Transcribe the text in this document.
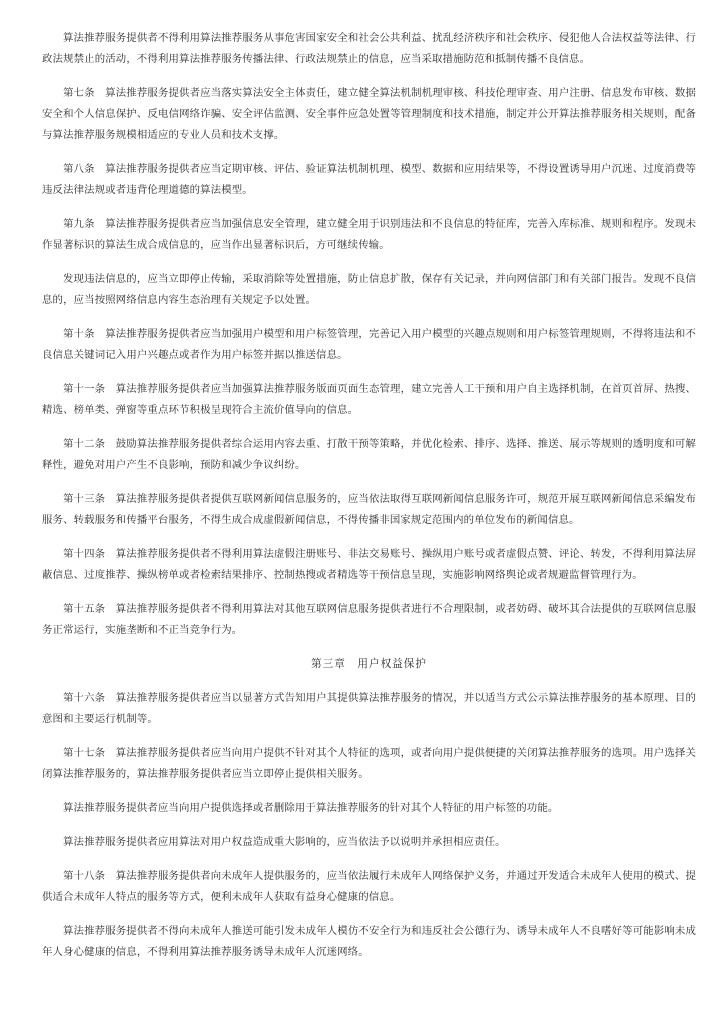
算法推荐服务提供者不得利用算法推荐服务从事危害国家安全和社会公共利益、扰乱经济秩序和社会秩序、侵犯他人合法权益等法律、行政法规禁止的活动，不得利用算法推荐服务传播法律、行政法规禁止的信息，应当采取措施防范和抵制传播不良信息。

第七条　算法推荐服务提供者应当落实算法安全主体责任，建立健全算法机制机理审核、科技伦理审查、用户注册、信息发布审核、数据安全和个人信息保护、反电信网络诈骗、安全评估监测、安全事件应急处置等管理制度和技术措施，制定并公开算法推荐服务相关规则，配备与算法推荐服务规模相适应的专业人员和技术支撑。

第八条　算法推荐服务提供者应当定期审核、评估、验证算法机制机理、模型、数据和应用结果等，不得设置诱导用户沉迷、过度消费等违反法律法规或者违背伦理道德的算法模型。

第九条　算法推荐服务提供者应当加强信息安全管理，建立健全用于识别违法和不良信息的特征库，完善入库标准、规则和程序。发现未作显著标识的算法生成合成信息的，应当作出显著标识后，方可继续传输。

发现违法信息的，应当立即停止传输，采取消除等处置措施，防止信息扩散，保存有关记录，并向网信部门和有关部门报告。发现不良信息的，应当按照网络信息内容生态治理有关规定予以处置。

第十条　算法推荐服务提供者应当加强用户模型和用户标签管理，完善记入用户模型的兴趣点规则和用户标签管理规则，不得将违法和不良信息关键词记入用户兴趣点或者作为用户标签并据以推送信息。

第十一条　算法推荐服务提供者应当加强算法推荐服务版面页面生态管理，建立完善人工干预和用户自主选择机制，在首页首屏、热搜、精选、榜单类、弹窗等重点环节积极呈现符合主流价值导向的信息。

第十二条　鼓励算法推荐服务提供者综合运用内容去重、打散干预等策略，并优化检索、排序、选择、推送、展示等规则的透明度和可解释性，避免对用户产生不良影响，预防和减少争议纠纷。

第十三条　算法推荐服务提供者提供互联网新闻信息服务的，应当依法取得互联网新闻信息服务许可，规范开展互联网新闻信息采编发布服务、转载服务和传播平台服务，不得生成合成虚假新闻信息，不得传播非国家规定范围内的单位发布的新闻信息。

第十四条　算法推荐服务提供者不得利用算法虚假注册账号、非法交易账号、操纵用户账号或者虚假点赞、评论、转发，不得利用算法屏蔽信息、过度推荐、操纵榜单或者检索结果排序、控制热搜或者精选等干预信息呈现，实施影响网络舆论或者规避监督管理行为。

第十五条　算法推荐服务提供者不得利用算法对其他互联网信息服务提供者进行不合理限制，或者妨碍、破坏其合法提供的互联网信息服务正常运行，实施垄断和不正当竞争行为。

第三章　用户权益保护

第十六条　算法推荐服务提供者应当以显著方式告知用户其提供算法推荐服务的情况，并以适当方式公示算法推荐服务的基本原理、目的意图和主要运行机制等。

第十七条　算法推荐服务提供者应当向用户提供不针对其个人特征的选项，或者向用户提供便捷的关闭算法推荐服务的选项。用户选择关闭算法推荐服务的，算法推荐服务提供者应当立即停止提供相关服务。

算法推荐服务提供者应当向用户提供选择或者删除用于算法推荐服务的针对其个人特征的用户标签的功能。

算法推荐服务提供者应用算法对用户权益造成重大影响的，应当依法予以说明并承担相应责任。

第十八条　算法推荐服务提供者向未成年人提供服务的，应当依法履行未成年人网络保护义务，并通过开发适合未成年人使用的模式、提供适合未成年人特点的服务等方式，便利未成年人获取有益身心健康的信息。

算法推荐服务提供者不得向未成年人推送可能引发未成年人模仿不安全行为和违反社会公德行为、诱导未成年人不良嗜好等可能影响未成年人身心健康的信息，不得利用算法推荐服务诱导未成年人沉迷网络。
